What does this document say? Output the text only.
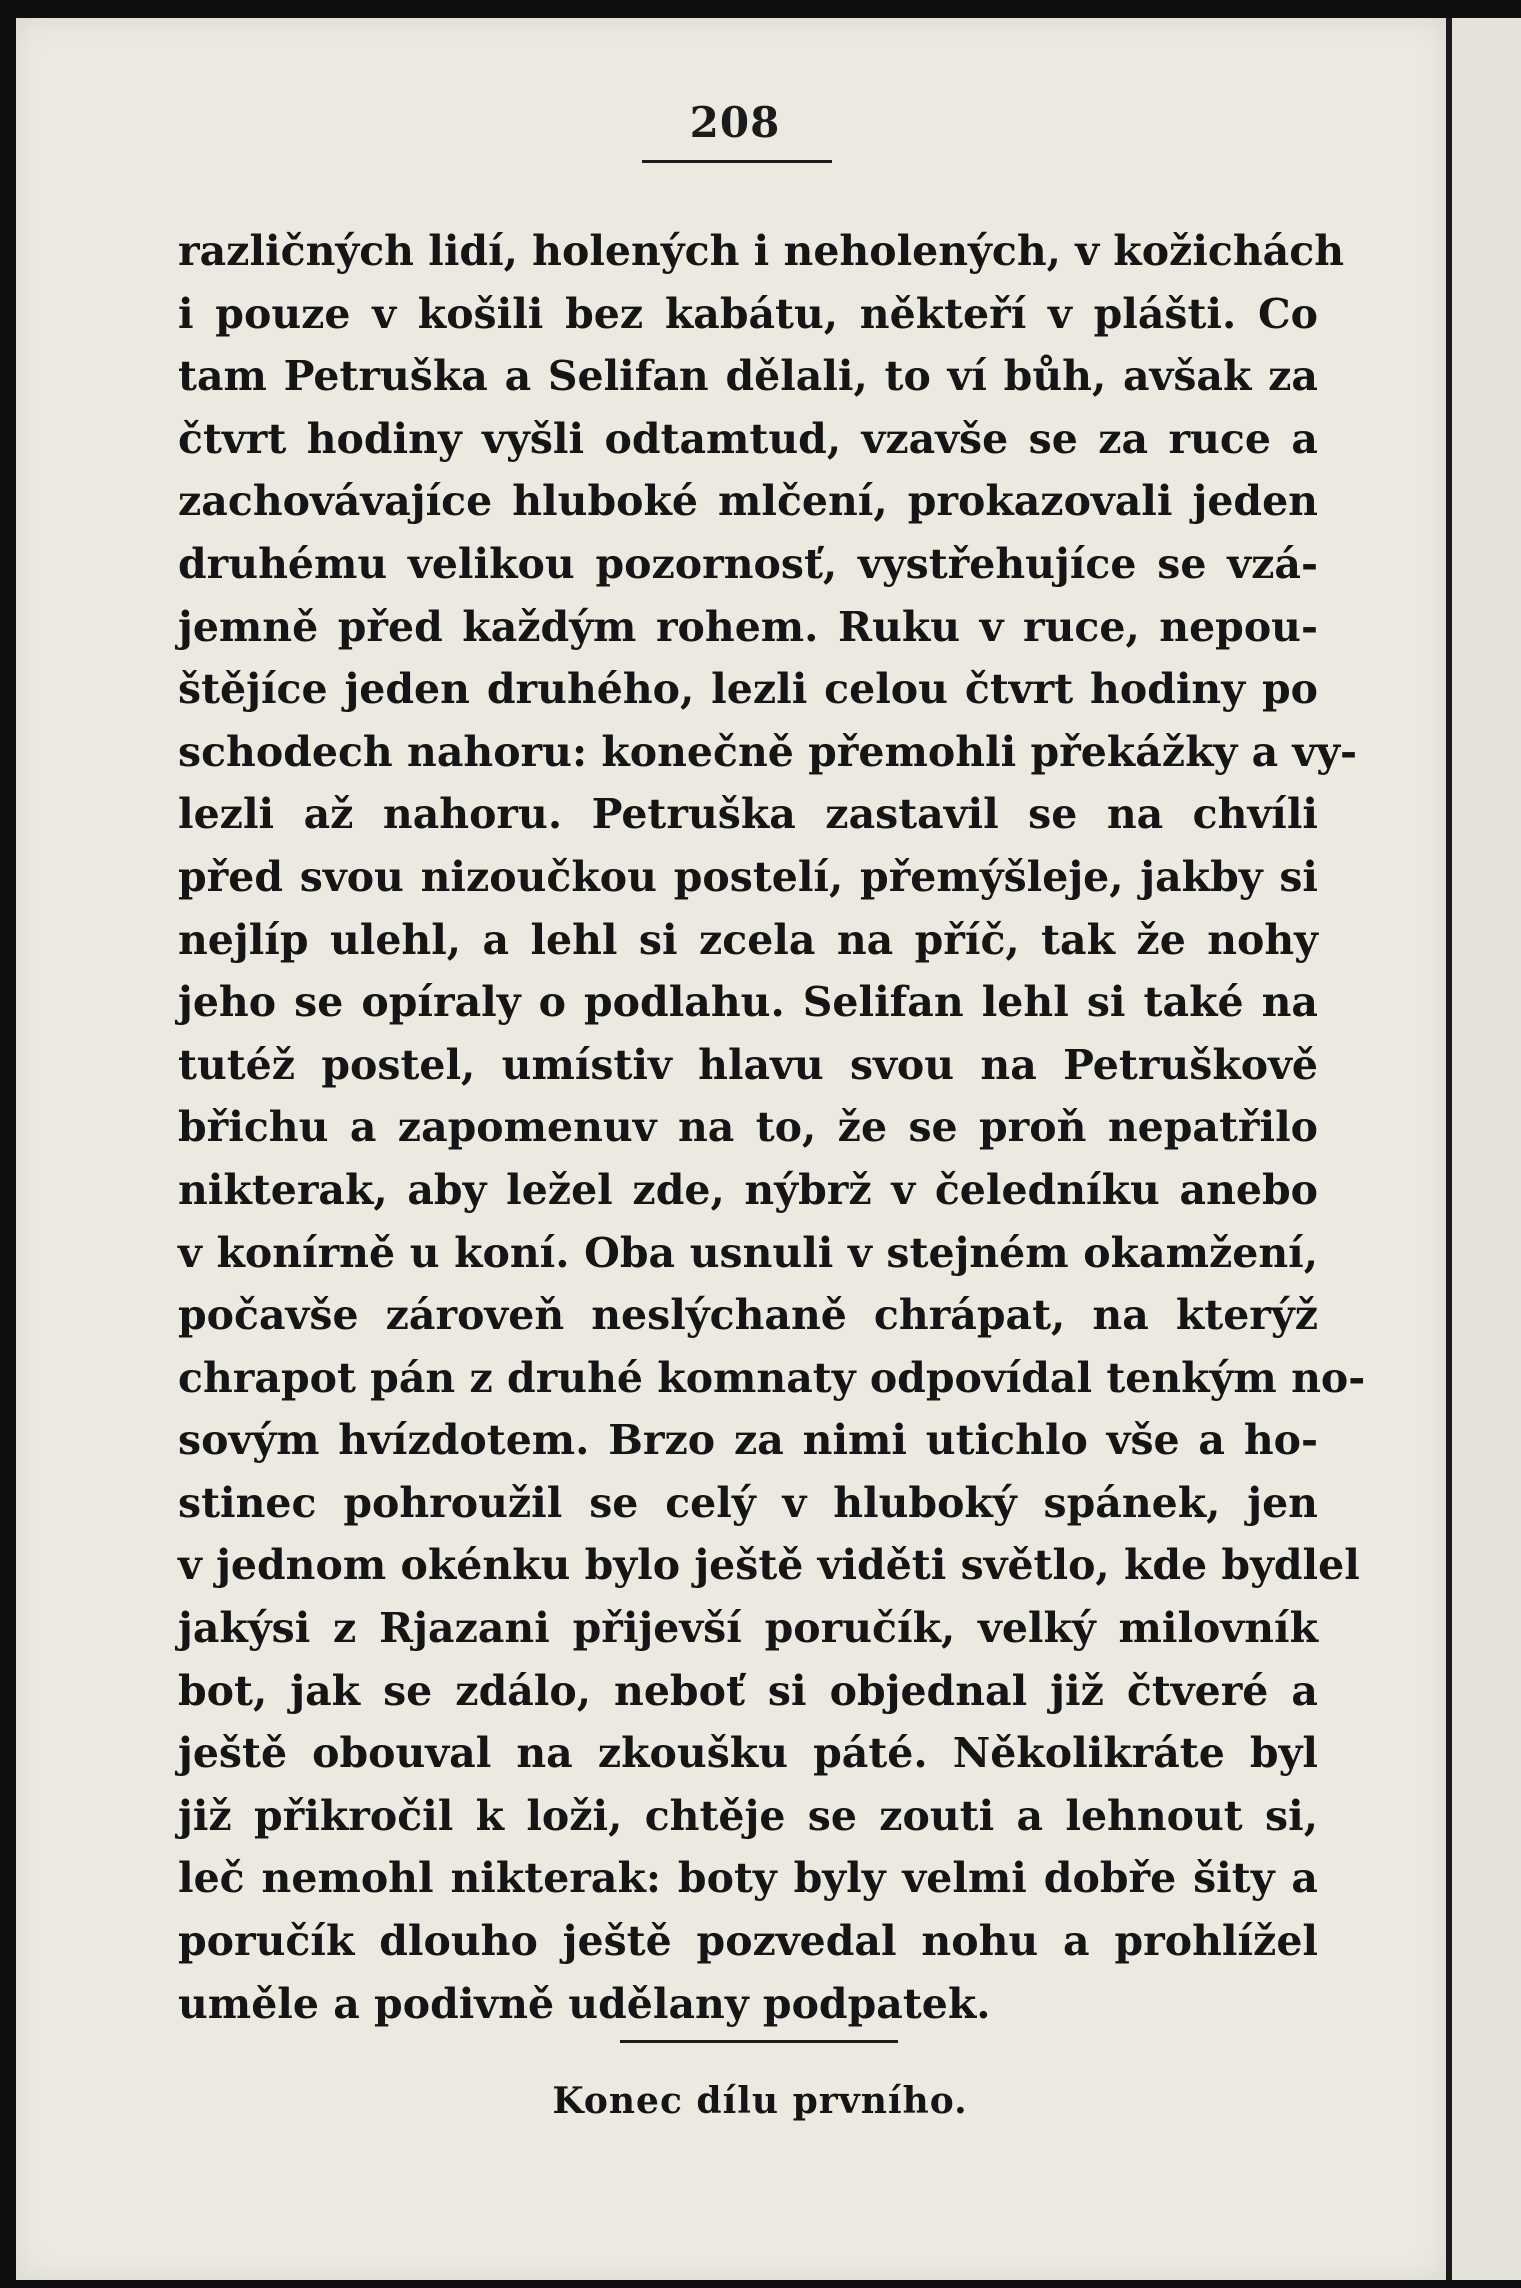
208
različných lidí, holených i neholených, v kožichách
i pouze v košili bez kabátu, někteří v plášti. Co
tam Petruška a Selifan dělali, to ví bůh, avšak za
čtvrt hodiny vyšli odtamtud, vzavše se za ruce a
zachovávajíce hluboké mlčení, prokazovali jeden
druhému velikou pozornosť, vystřehujíce se vzá-
jemně před každým rohem. Ruku v ruce, nepou-
štějíce jeden druhého, lezli celou čtvrt hodiny po
schodech nahoru: konečně přemohli překážky a vy-
lezli až nahoru. Petruška zastavil se na chvíli
před svou nizoučkou postelí, přemýšleje, jakby si
nejlíp ulehl, a lehl si zcela na příč, tak že nohy
jeho se opíraly o podlahu. Selifan lehl si také na
tutéž postel, umístiv hlavu svou na Petruškově
břichu a zapomenuv na to, že se proň nepatřilo
nikterak, aby ležel zde, nýbrž v čeledníku anebo
v konírně u koní. Oba usnuli v stejném okamžení,
počavše zároveň neslýchaně chrápat, na kterýž
chrapot pán z druhé komnaty odpovídal tenkým no-
sovým hvízdotem. Brzo za nimi utichlo vše a ho-
stinec pohroužil se celý v hluboký spánek, jen
v jednom okénku bylo ještě viděti světlo, kde bydlel
jakýsi z Rjazani přijevší poručík, velký milovník
bot, jak se zdálo, neboť si objednal již čtveré a
ještě obouval na zkoušku páté. Několikráte byl
již přikročil k loži, chtěje se zouti a lehnout si,
leč nemohl nikterak: boty byly velmi dobře šity a
poručík dlouho ještě pozvedal nohu a prohlížel
uměle a podivně udělany podpatek.
Konec dílu prvního.
